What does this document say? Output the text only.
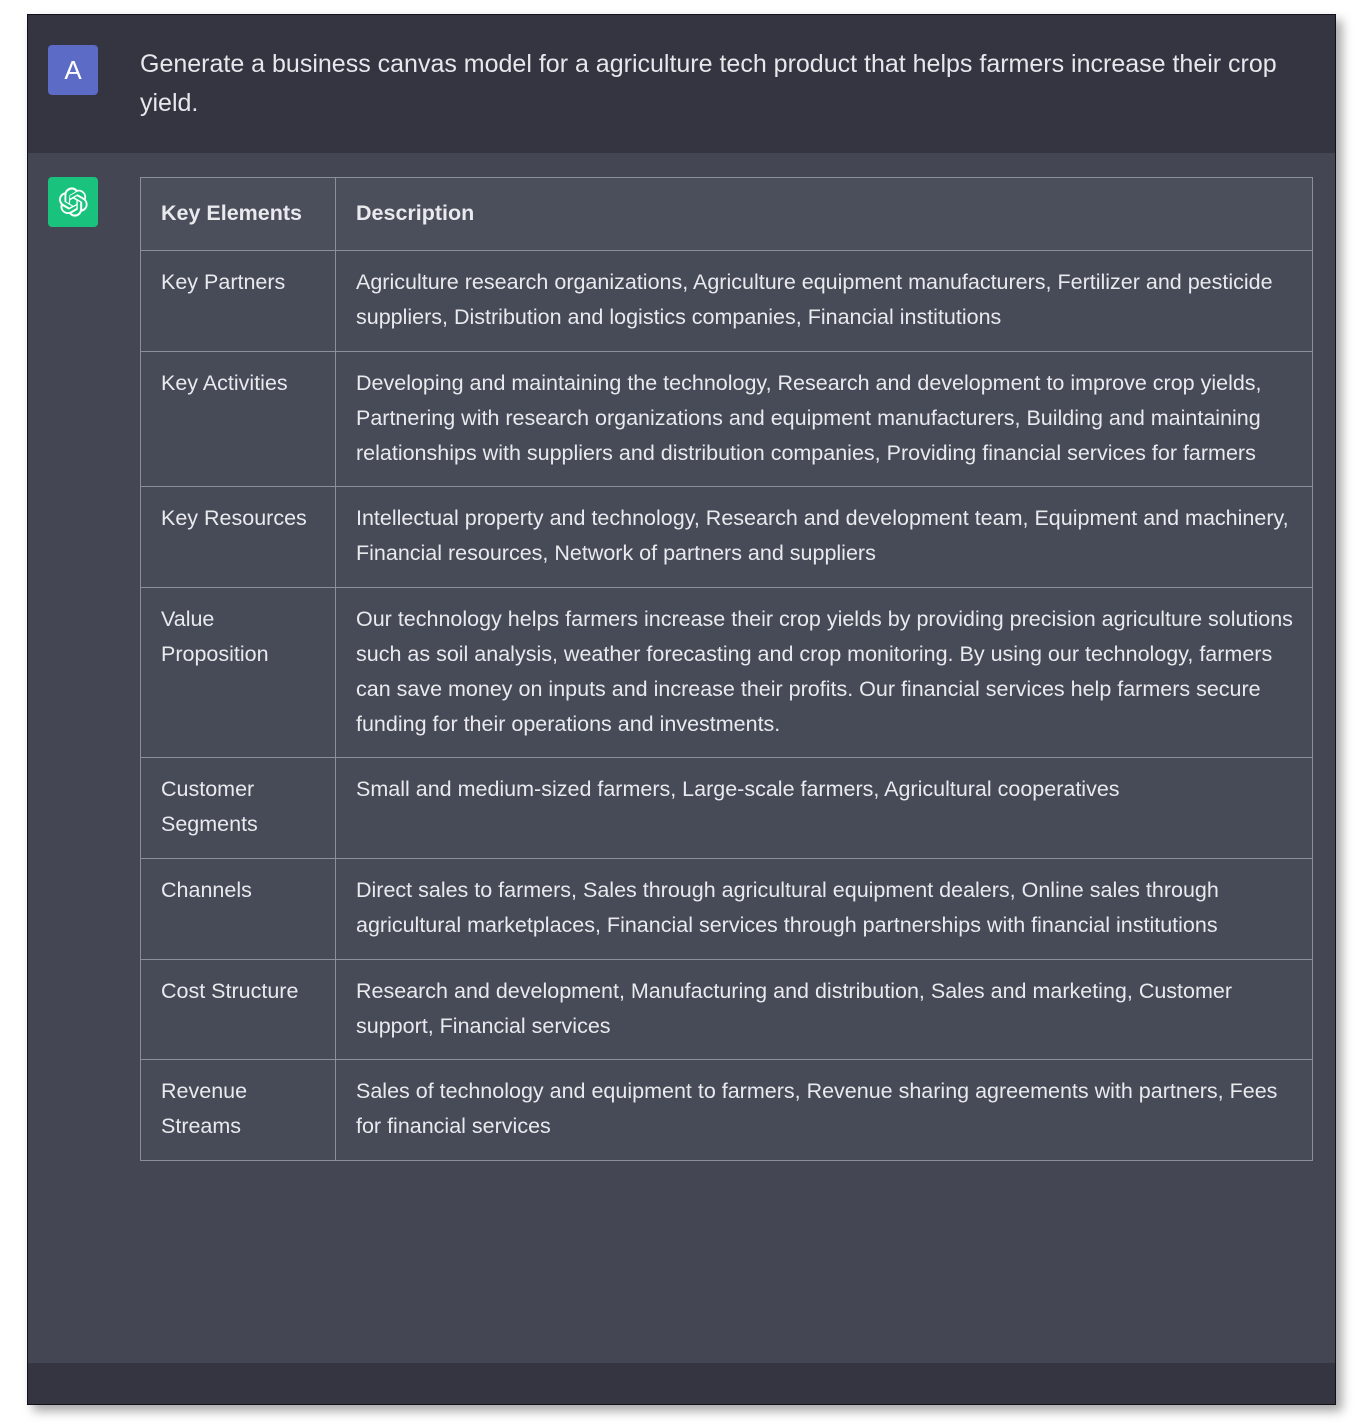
A Generate a business canvas model for a agriculture tech product that helps farmers increase their crop yield.
Key Elements	Description
Key Partners	Agriculture research organizations, Agriculture equipment manufacturers, Fertilizer and pesticide suppliers, Distribution and logistics companies, Financial institutions
Key Activities	Developing and maintaining the technology, Research and development to improve crop yields, Partnering with research organizations and equipment manufacturers, Building and maintaining relationships with suppliers and distribution companies, Providing financial services for farmers
Key Resources	Intellectual property and technology, Research and development team, Equipment and machinery, Financial resources, Network of partners and suppliers
Value Proposition	Our technology helps farmers increase their crop yields by providing precision agriculture solutions such as soil analysis, weather forecasting and crop monitoring. By using our technology, farmers can save money on inputs and increase their profits. Our financial services help farmers secure funding for their operations and investments.
Customer Segments	Small and medium-sized farmers, Large-scale farmers, Agricultural cooperatives
Channels	Direct sales to farmers, Sales through agricultural equipment dealers, Online sales through agricultural marketplaces, Financial services through partnerships with financial institutions
Cost Structure	Research and development, Manufacturing and distribution, Sales and marketing, Customer support, Financial services
Revenue Streams	Sales of technology and equipment to farmers, Revenue sharing agreements with partners, Fees for financial services
